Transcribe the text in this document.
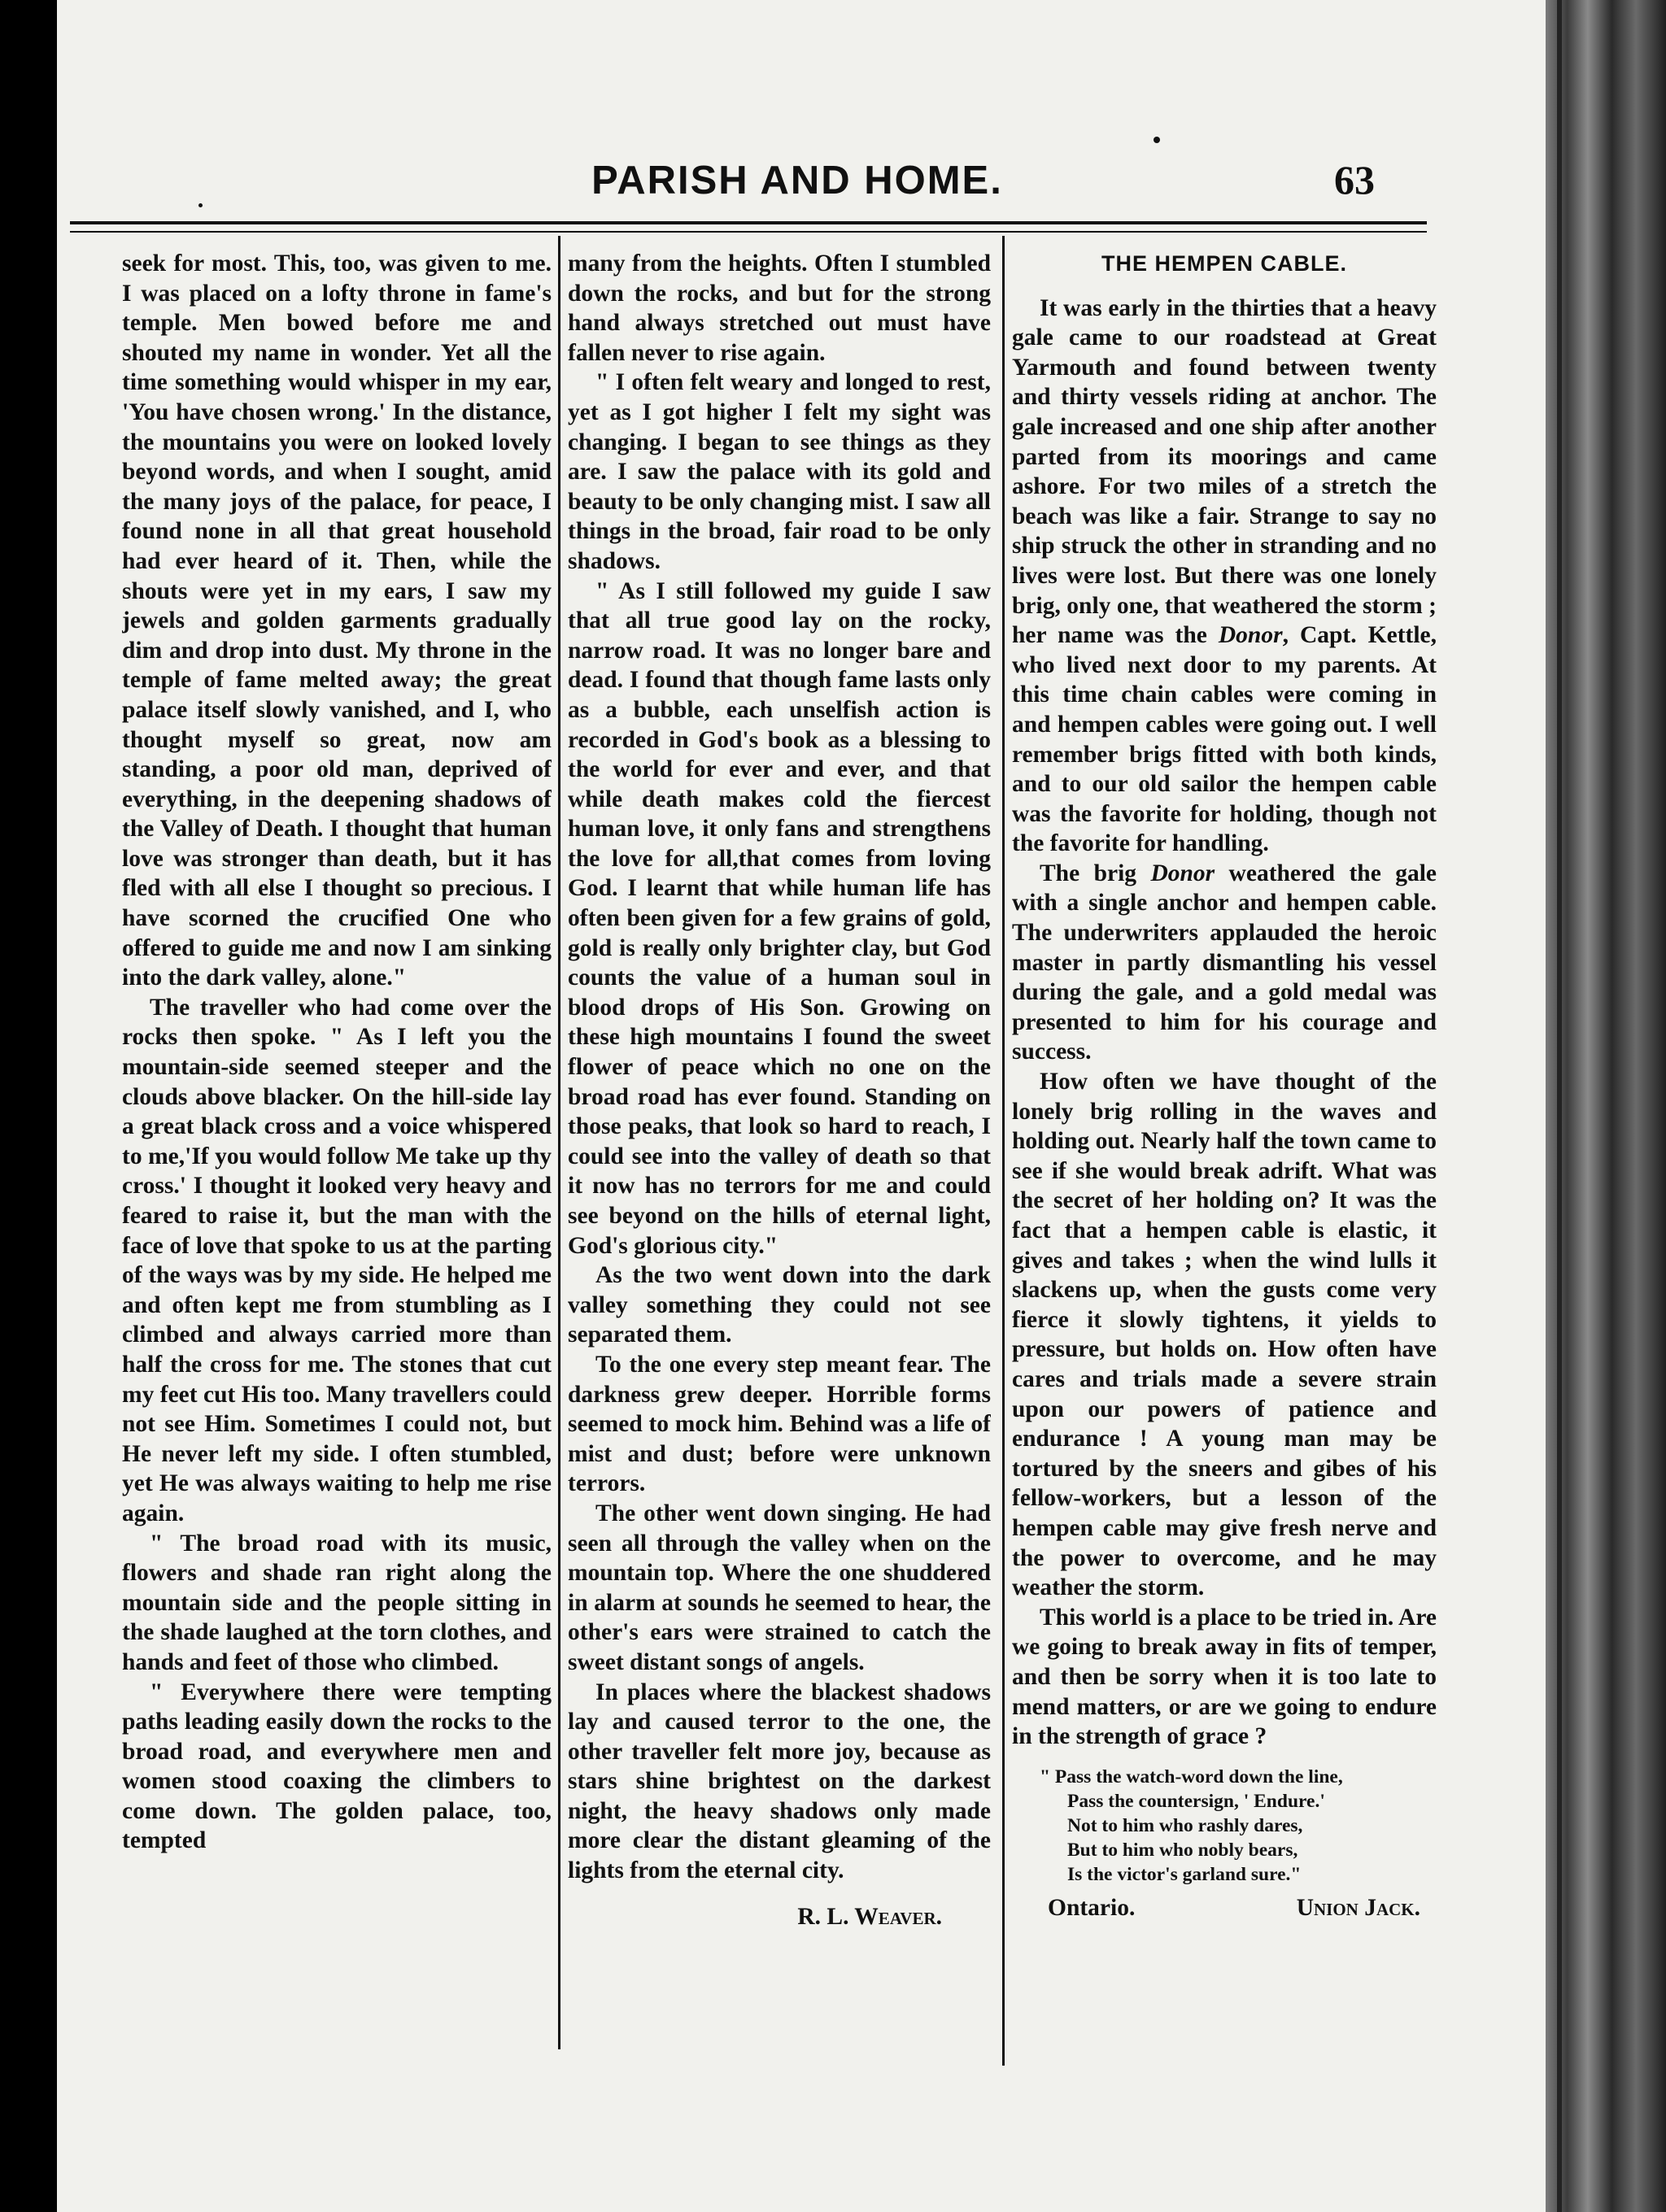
PARISH AND HOME.	63

seek for most. This, too, was given to me. I was placed on a lofty throne in fame's temple. Men bowed before me and shouted my name in wonder. Yet all the time something would whisper in my ear, 'You have chosen wrong.' In the distance, the mountains you were on looked lovely beyond words, and when I sought, amid the many joys of the palace, for peace, I found none in all that great household had ever heard of it. Then, while the shouts were yet in my ears, I saw my jewels and golden garments gradually dim and drop into dust. My throne in the temple of fame melted away; the great palace itself slowly vanished, and I, who thought myself so great, now am standing, a poor old man, deprived of everything, in the deepening shadows of the Valley of Death. I thought that human love was stronger than death, but it has fled with all else I thought so precious. I have scorned the crucified One who offered to guide me and now I am sinking into the dark valley, alone."

The traveller who had come over the rocks then spoke. " As I left you the mountain-side seemed steeper and the clouds above blacker. On the hill-side lay a great black cross and a voice whispered to me,'If you would follow Me take up thy cross.' I thought it looked very heavy and feared to raise it, but the man with the face of love that spoke to us at the parting of the ways was by my side. He helped me and often kept me from stumbling as I climbed and always carried more than half the cross for me. The stones that cut my feet cut His too. Many travellers could not see Him. Sometimes I could not, but He never left my side. I often stumbled, yet He was always waiting to help me rise again.

" The broad road with its music, flowers and shade ran right along the mountain side and the people sitting in the shade laughed at the torn clothes, and hands and feet of those who climbed.

" Everywhere there were tempting paths leading easily down the rocks to the broad road, and everywhere men and women stood coaxing the climbers to come down. The golden palace, too, tempted

many from the heights. Often I stumbled down the rocks, and but for the strong hand always stretched out must have fallen never to rise again.

" I often felt weary and longed to rest, yet as I got higher I felt my sight was changing. I began to see things as they are. I saw the palace with its gold and beauty to be only changing mist. I saw all things in the broad, fair road to be only shadows.

" As I still followed my guide I saw that all true good lay on the rocky, narrow road. It was no longer bare and dead. I found that though fame lasts only as a bubble, each unselfish action is recorded in God's book as a blessing to the world for ever and ever, and that while death makes cold the fiercest human love, it only fans and strengthens the love for all,that comes from loving God. I learnt that while human life has often been given for a few grains of gold, gold is really only brighter clay, but God counts the value of a human soul in blood drops of His Son. Growing on these high mountains I found the sweet flower of peace which no one on the broad road has ever found. Standing on those peaks, that look so hard to reach, I could see into the valley of death so that it now has no terrors for me and could see beyond on the hills of eternal light, God's glorious city."

As the two went down into the dark valley something they could not see separated them.

To the one every step meant fear. The darkness grew deeper. Horrible forms seemed to mock him. Behind was a life of mist and dust; before were unknown terrors.

The other went down singing. He had seen all through the valley when on the mountain top. Where the one shuddered in alarm at sounds he seemed to hear, the other's ears were strained to catch the sweet distant songs of angels.

In places where the blackest shadows lay and caused terror to the one, the other traveller felt more joy, because as stars shine brightest on the darkest night, the heavy shadows only made more clear the distant gleaming of the lights from the eternal city.

R. L. Weaver.
THE HEMPEN CABLE.

It was early in the thirties that a heavy gale came to our roadstead at Great Yarmouth and found between twenty and thirty vessels riding at anchor. The gale increased and one ship after another parted from its moorings and came ashore. For two miles of a stretch the beach was like a fair. Strange to say no ship struck the other in stranding and no lives were lost. But there was one lonely brig, only one, that weathered the storm ; her name was the Donor, Capt. Kettle, who lived next door to my parents. At this time chain cables were coming in and hempen cables were going out. I well remember brigs fitted with both kinds, and to our old sailor the hempen cable was the favorite for holding, though not the favorite for handling.

The brig Donor weathered the gale with a single anchor and hempen cable. The underwriters applauded the heroic master in partly dismantling his vessel during the gale, and a gold medal was presented to him for his courage and success.

How often we have thought of the lonely brig rolling in the waves and holding out. Nearly half the town came to see if she would break adrift. What was the secret of her holding on? It was the fact that a hempen cable is elastic, it gives and takes ; when the wind lulls it slackens up, when the gusts come very fierce it slowly tightens, it yields to pressure, but holds on. How often have cares and trials made a severe strain upon our powers of patience and endurance ! A young man may be tortured by the sneers and gibes of his fellow-workers, but a lesson of the hempen cable may give fresh nerve and the power to overcome, and he may weather the storm.

This world is a place to be tried in. Are we going to break away in fits of temper, and then be sorry when it is too late to mend matters, or are we going to endure in the strength of grace ?

" Pass the watch-word down the line,
Pass the countersign, ' Endure.'
Not to him who rashly dares,
But to him who nobly bears,
Is the victor's garland sure."
Ontario.	Union Jack.
